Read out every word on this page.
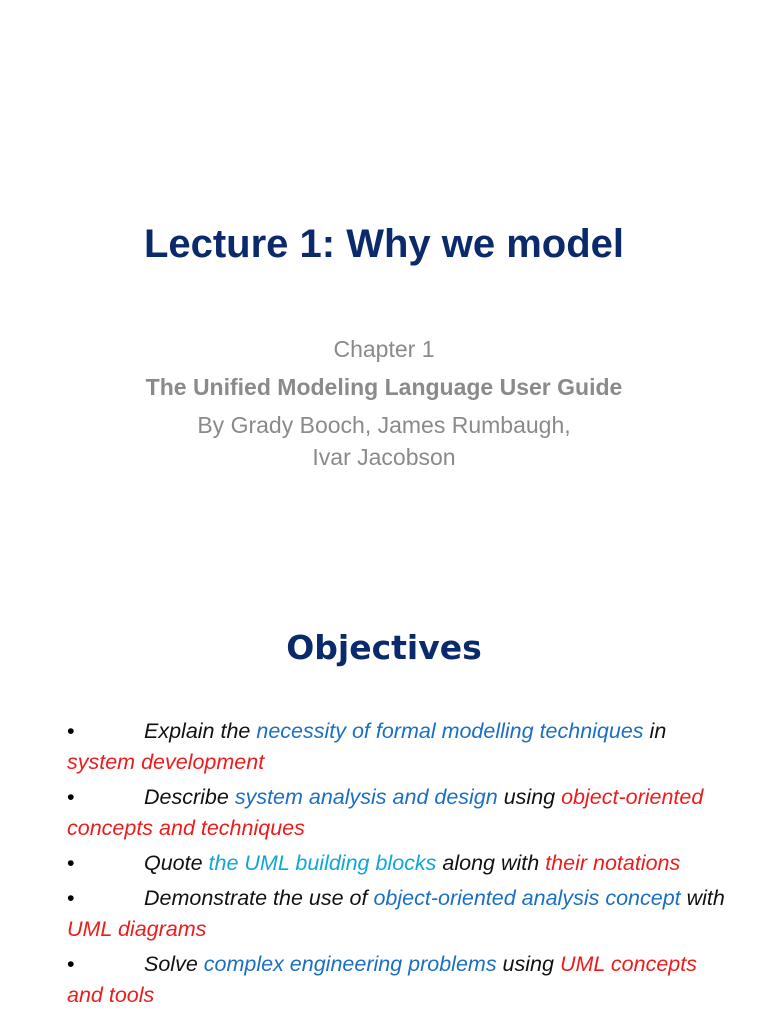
Lecture 1: Why we model
Chapter 1
The Unified Modeling Language User Guide
By Grady Booch, James Rumbaugh,
Ivar Jacobson
Objectives
•	Explain the necessity of formal modelling techniques in system development
•	Describe system analysis and design using object-oriented concepts and techniques
•	Quote the UML building blocks along with their notations
•	Demonstrate the use of object-oriented analysis concept with UML diagrams
•	Solve complex engineering problems using UML concepts and tools
